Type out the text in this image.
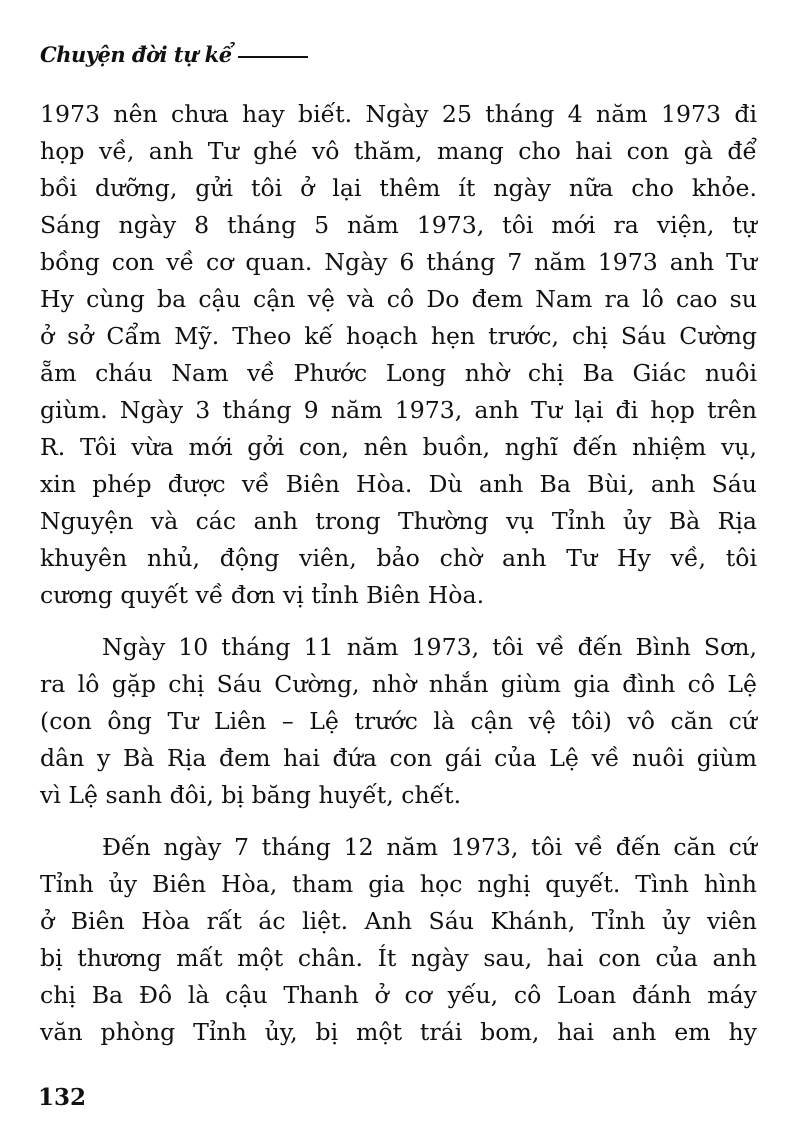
Chuyện đời tự kể

1973 nên chưa hay biết. Ngày 25 tháng 4 năm 1973 đi
họp về, anh Tư ghé vô thăm, mang cho hai con gà để
bồi dưỡng, gửi tôi ở lại thêm ít ngày nữa cho khỏe.
Sáng ngày 8 tháng 5 năm 1973, tôi mới ra viện, tự
bồng con về cơ quan. Ngày 6 tháng 7 năm 1973 anh Tư
Hy cùng ba cậu cận vệ và cô Do đem Nam ra lô cao su
ở sở Cẩm Mỹ. Theo kế hoạch hẹn trước, chị Sáu Cường
ẵm cháu Nam về Phước Long nhờ chị Ba Giác nuôi
giùm. Ngày 3 tháng 9 năm 1973, anh Tư lại đi họp trên
R. Tôi vừa mới gởi con, nên buồn, nghĩ đến nhiệm vụ,
xin phép được về Biên Hòa. Dù anh Ba Bùi, anh Sáu
Nguyện và các anh trong Thường vụ Tỉnh ủy Bà Rịa
khuyên nhủ, động viên, bảo chờ anh Tư Hy về, tôi
cương quyết về đơn vị tỉnh Biên Hòa.

Ngày 10 tháng 11 năm 1973, tôi về đến Bình Sơn,
ra lô gặp chị Sáu Cường, nhờ nhắn giùm gia đình cô Lệ
(con ông Tư Liên – Lệ trước là cận vệ tôi) vô căn cứ
dân y Bà Rịa đem hai đứa con gái của Lệ về nuôi giùm
vì Lệ sanh đôi, bị băng huyết, chết.

Đến ngày 7 tháng 12 năm 1973, tôi về đến căn cứ
Tỉnh ủy Biên Hòa, tham gia học nghị quyết. Tình hình
ở Biên Hòa rất ác liệt. Anh Sáu Khánh, Tỉnh ủy viên
bị thương mất một chân. Ít ngày sau, hai con của anh
chị Ba Đô là cậu Thanh ở cơ yếu, cô Loan đánh máy
văn phòng Tỉnh ủy, bị một trái bom, hai anh em hy

132
